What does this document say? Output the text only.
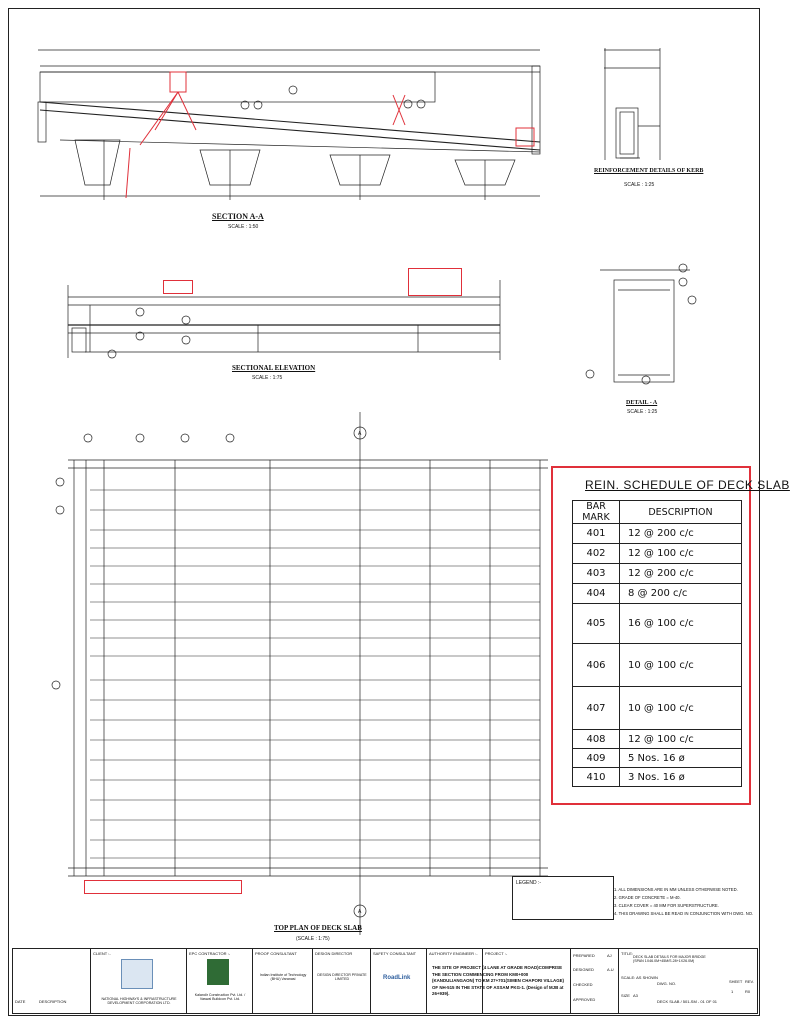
SECTION A-A
SCALE : 1:50
REINFORCEMENT DETAILS OF KERB
SCALE : 1:25
SECTIONAL ELEVATION
SCALE : 1:75
DETAIL - A
SCALE : 1:25
TOP PLAN OF DECK SLAB
(SCALE : 1:75)
A
A
REIN. SCHEDULE OF DECK SLAB
BAR MARK	DESCRIPTION
401	12 @ 200 c/c
402	12 @ 100 c/c
403	12 @ 200 c/c
404	8 @ 200 c/c
405	16 @ 100 c/c
406	10 @ 100 c/c
407	10 @ 100 c/c
408	12 @ 100 c/c
409	5 Nos. 16 ø
410	3 Nos. 16 ø
LEGEND :-
1. ALL DIMENSIONS ARE IN MM UNLESS OTHERWISE NOTED.
2. GRADE OF CONCRETE = M-40.
3. CLEAR COVER = 40 MM FOR SUPERSTRUCTURE.
4. THIS DRAWING SHALL BE READ IN CONJUNCTION WITH DWG. NO.
DATE	DESCRIPTION
CLIENT :-
NATIONAL HIGHWAYS & INFRASTRUCTURE DEVELOPMENT CORPORATION LTD.
EPC CONTRACTOR :-
Kalandir Construction Pvt. Ltd. / Vaswal Buildcon Pvt. Ltd.
PROOF CONSULTANT
Indian Institute of Technology (BHU) Varanasi
DESIGN DIRECTOR
DESIGN DIRECTOR PRIVATE LIMITED
SAFETY CONSULTANT
RoadLink
AUTHORITY ENGINEER :- PROJECT :-	PREPARED	AJ
DESIGNED	A.U
CHECKED
APPROVED
TITLE:
DECK SLAB DETAILS FOR MAJOR BRIDGE (SPAN 1X46.0M+45M/S.28+1X26.0M)
SCALE: AS SHOWN
SIZE A3
DWG. NO.
DECK SLAB / 501-SM - 01 OF 01
SHEET
1
REV.
R0
THE SITE OF PROJECT (4 LANE AT GRADE ROAD)COMPRISE THE SECTION COMMENCING FROM KM0+000 (KANDULIANGAON) TO KM 27+701(SIMEN CHAPORI VILLAGE) OF NH-515 IN THE STATE OF ASSAM PKG-1. (Design of MJB at 26+939).
